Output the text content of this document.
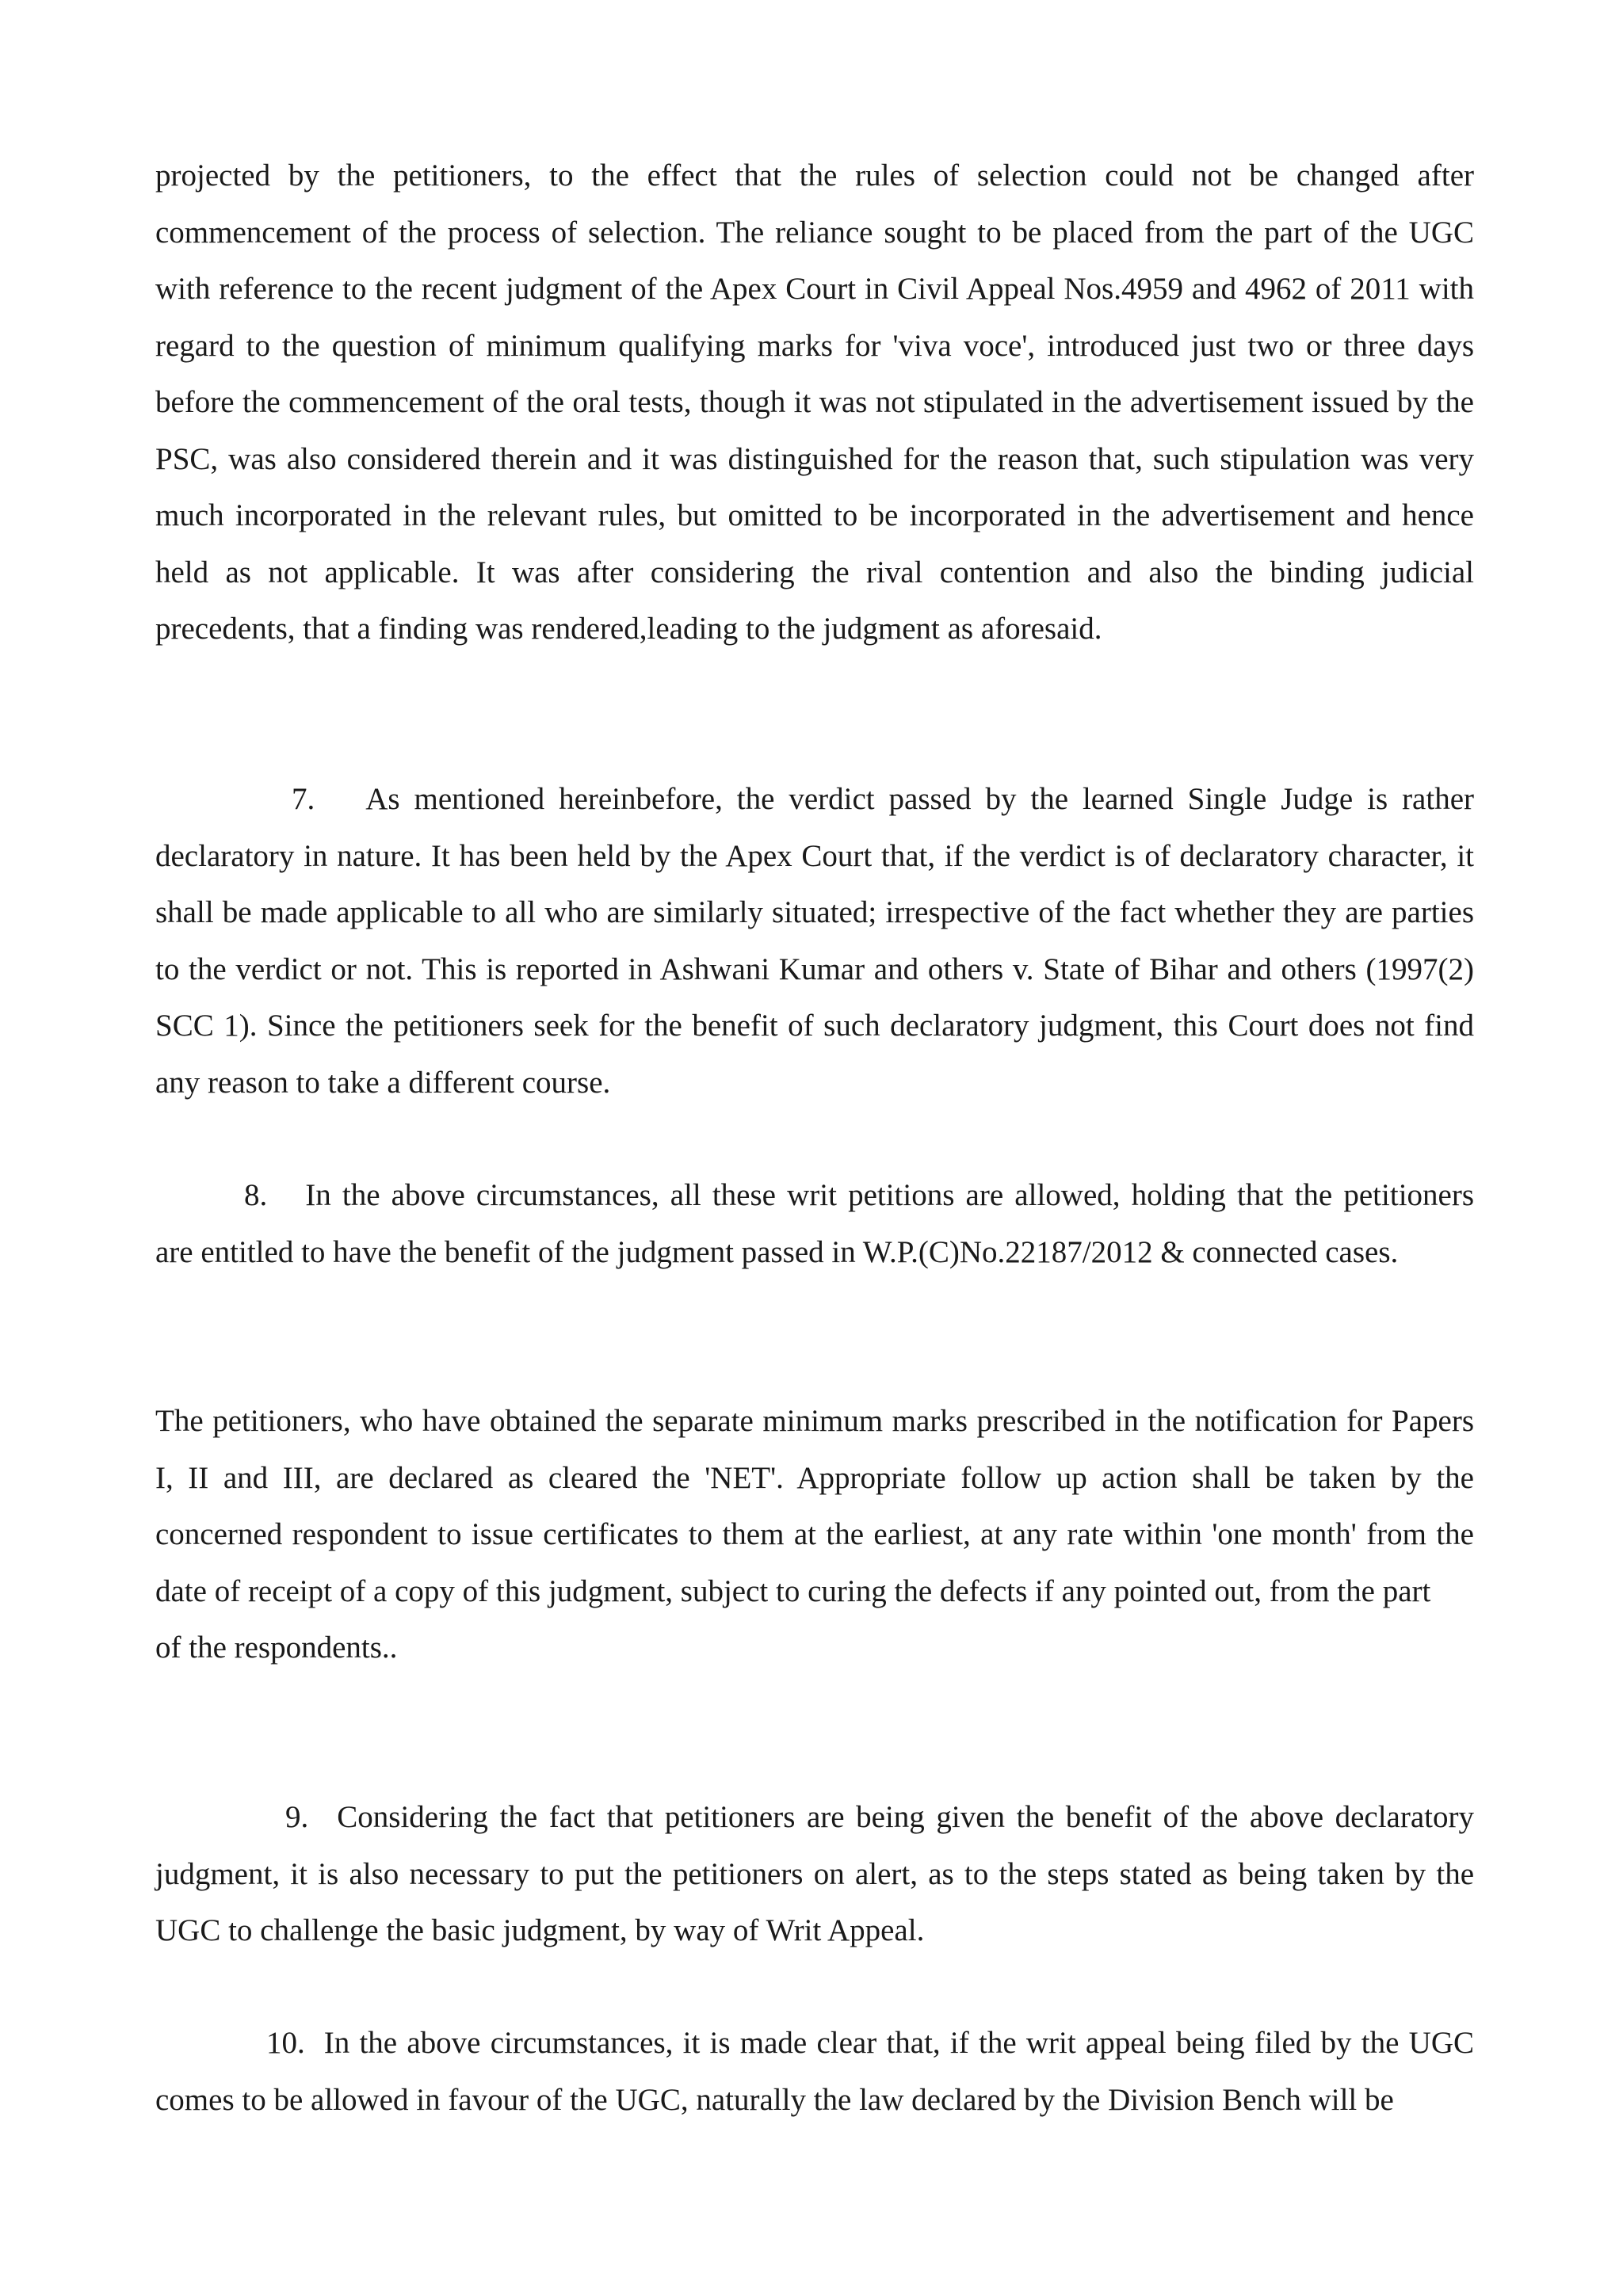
projected by the petitioners, to the effect that the rules of selection could not be changed after commencement of the process of selection. The reliance sought to be placed from the part of the UGC with reference to the recent judgment of the Apex Court in Civil Appeal Nos.4959 and 4962 of 2011 with regard to the question of minimum qualifying marks for 'viva voce', introduced just two or three days before the commencement of the oral tests, though it was not stipulated in the advertisement issued by the PSC, was also considered therein and it was distinguished for the reason that, such stipulation was very much incorporated in the relevant rules, but omitted to be incorporated in the advertisement and hence held as not applicable. It was after considering the rival contention and also the binding judicial precedents, that a finding was rendered,leading to the judgment as aforesaid.

7. As mentioned hereinbefore, the verdict passed by the learned Single Judge is rather declaratory in nature. It has been held by the Apex Court that, if the verdict is of declaratory character, it shall be made applicable to all who are similarly situated; irrespective of the fact whether they are parties to the verdict or not. This is reported in Ashwani Kumar and others v. State of Bihar and others (1997(2) SCC 1). Since the petitioners seek for the benefit of such declaratory judgment, this Court does not find any reason to take a different course.

8. In the above circumstances, all these writ petitions are allowed, holding that the petitioners are entitled to have the benefit of the judgment passed in W.P.(C)No.22187/2012 & connected cases.

The petitioners, who have obtained the separate minimum marks prescribed in the notification for Papers I, II and III, are declared as cleared the 'NET'. Appropriate follow up action shall be taken by the concerned respondent to issue certificates to them at the earliest, at any rate within 'one month' from the date of receipt of a copy of this judgment, subject to curing the defects if any pointed out, from the part
of the respondents..

9. Considering the fact that petitioners are being given the benefit of the above declaratory judgment, it is also necessary to put the petitioners on alert, as to the steps stated as being taken by the UGC to challenge the basic judgment, by way of Writ Appeal.

10. In the above circumstances, it is made clear that, if the writ appeal being filed by the UGC comes to be allowed in favour of the UGC, naturally the law declared by the Division Bench will be
